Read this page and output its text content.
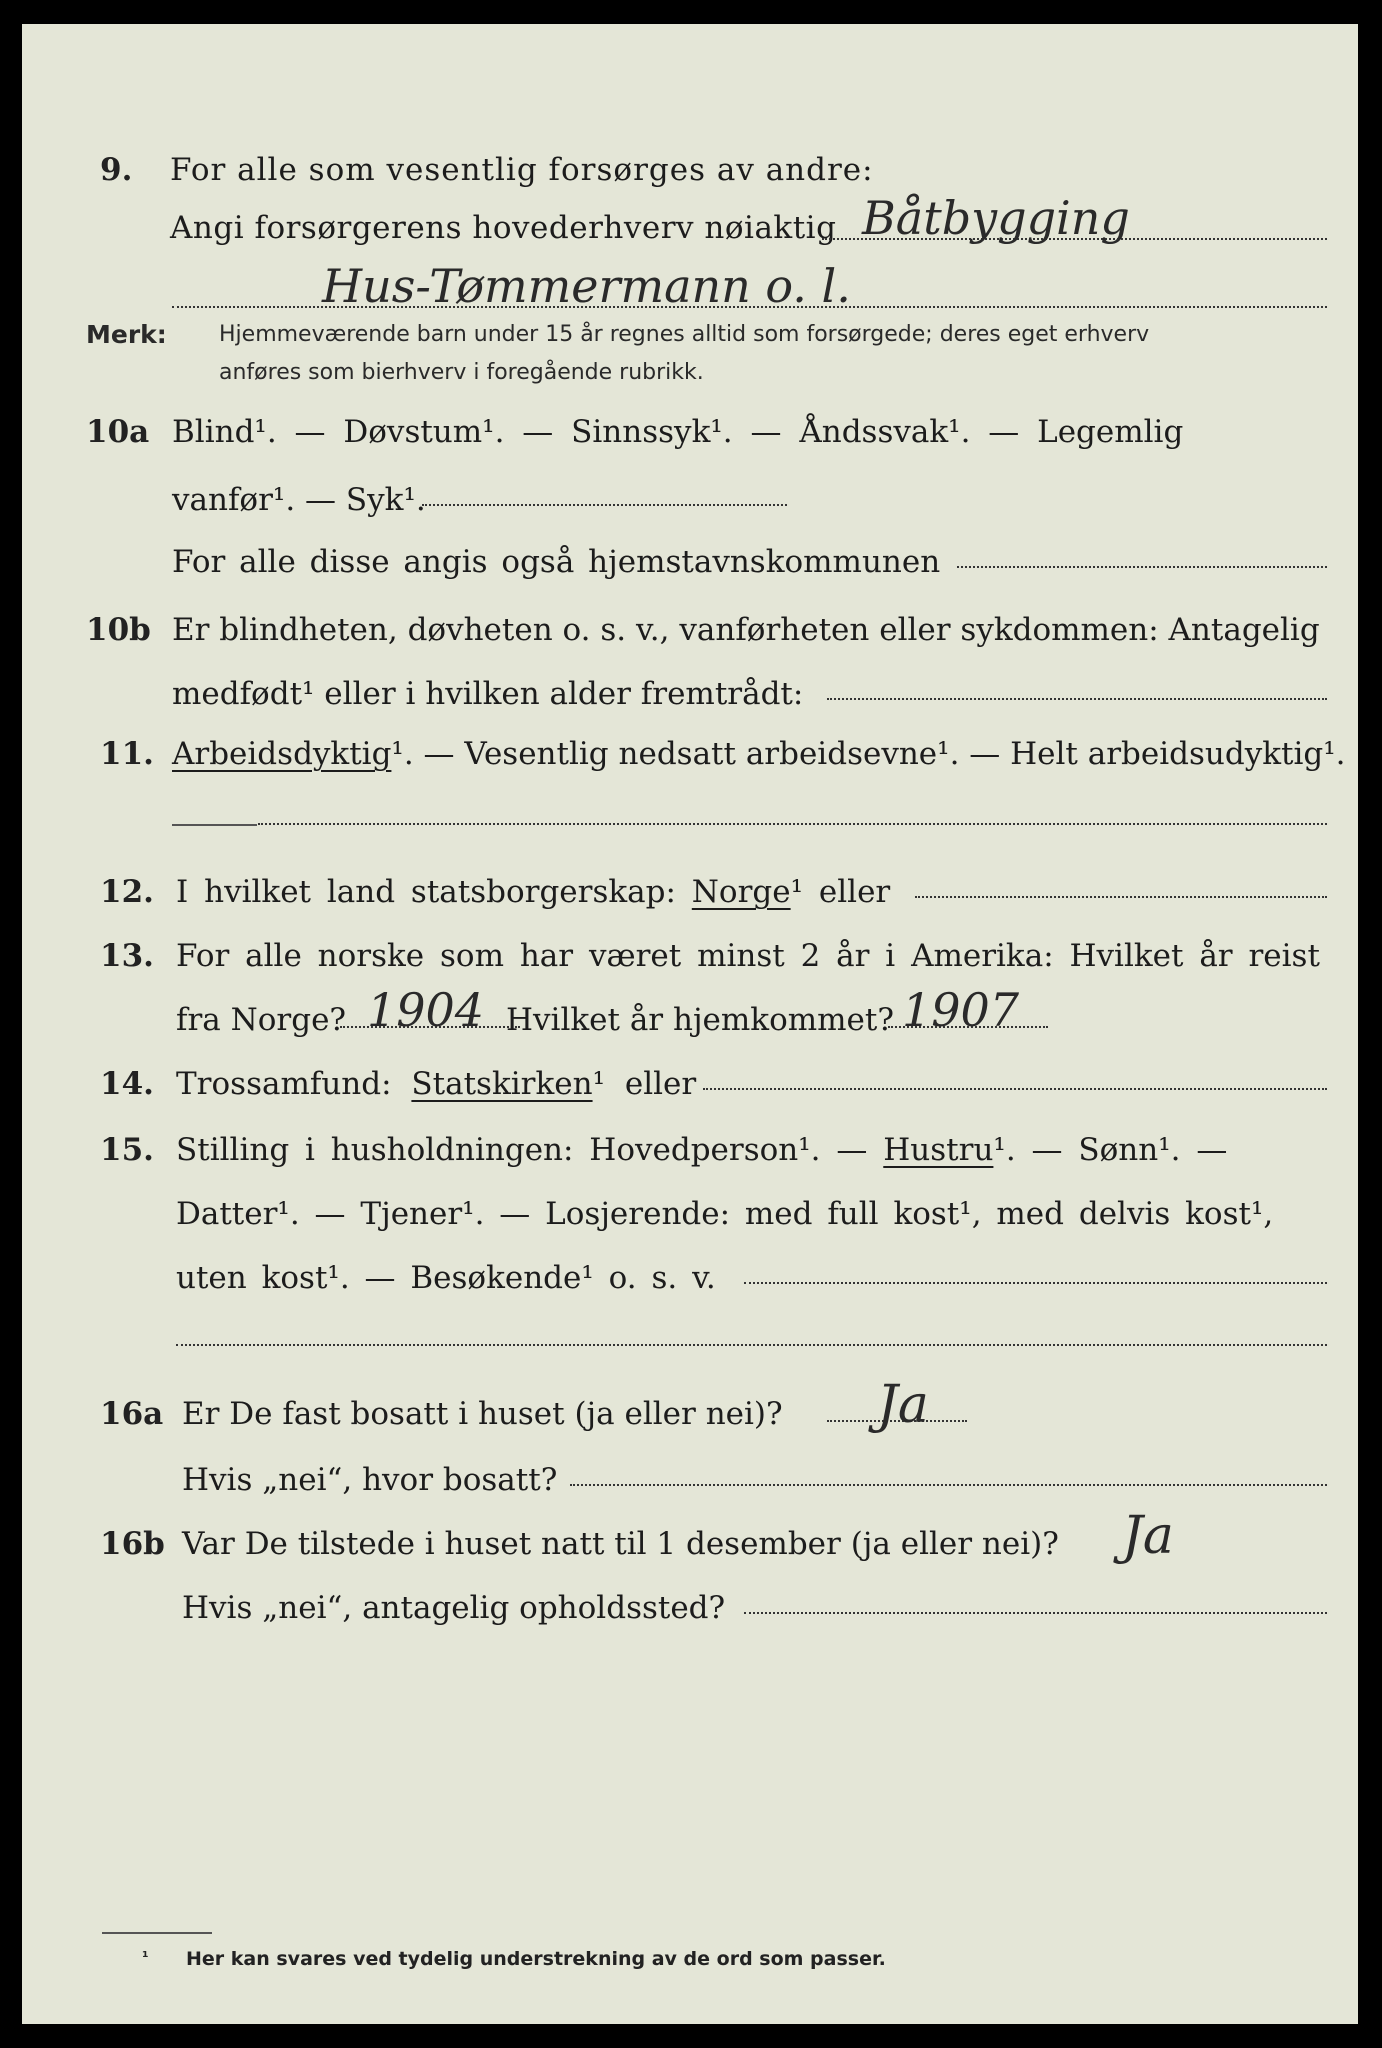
9. For alle som vesentlig forsørges av andre:
Angi forsørgerens hovederhverv nøiaktig Båtbygging
Hus-Tømmermann o. l.
Merk: Hjemmeværende barn under 15 år regnes alltid som forsørgede; deres eget erhverv
anføres som bierhverv i foregående rubrikk.
10a Blind¹. — Døvstum¹. — Sinnssyk¹. — Åndssvak¹. — Legemlig
vanfør¹. — Syk¹.
For alle disse angis også hjemstavnskommunen
10b Er blindheten, døvheten o. s. v., vanførheten eller sykdommen: Antagelig
medfødt¹ eller i hvilken alder fremtrådt:
11. Arbeidsdyktig¹. — Vesentlig nedsatt arbeidsevne¹. — Helt arbeidsudyktig¹.
12. I hvilket land statsborgerskap: Norge¹ eller
13. For alle norske som har været minst 2 år i Amerika: Hvilket år reist
fra Norge? 1904 Hvilket år hjemkommet? 1907
14. Trossamfund: Statskirken¹ eller
15. Stilling i husholdningen: Hovedperson¹. — Hustru¹. — Sønn¹. —
Datter¹. — Tjener¹. — Losjerende: med full kost¹, med delvis kost¹,
uten kost¹. — Besøkende¹ o. s. v.
16a Er De fast bosatt i huset (ja eller nei)? Ja
Hvis „nei“, hvor bosatt?
16b Var De tilstede i huset natt til 1 desember (ja eller nei)? Ja
Hvis „nei“, antagelig opholdssted?
¹ Her kan svares ved tydelig understrekning av de ord som passer.
